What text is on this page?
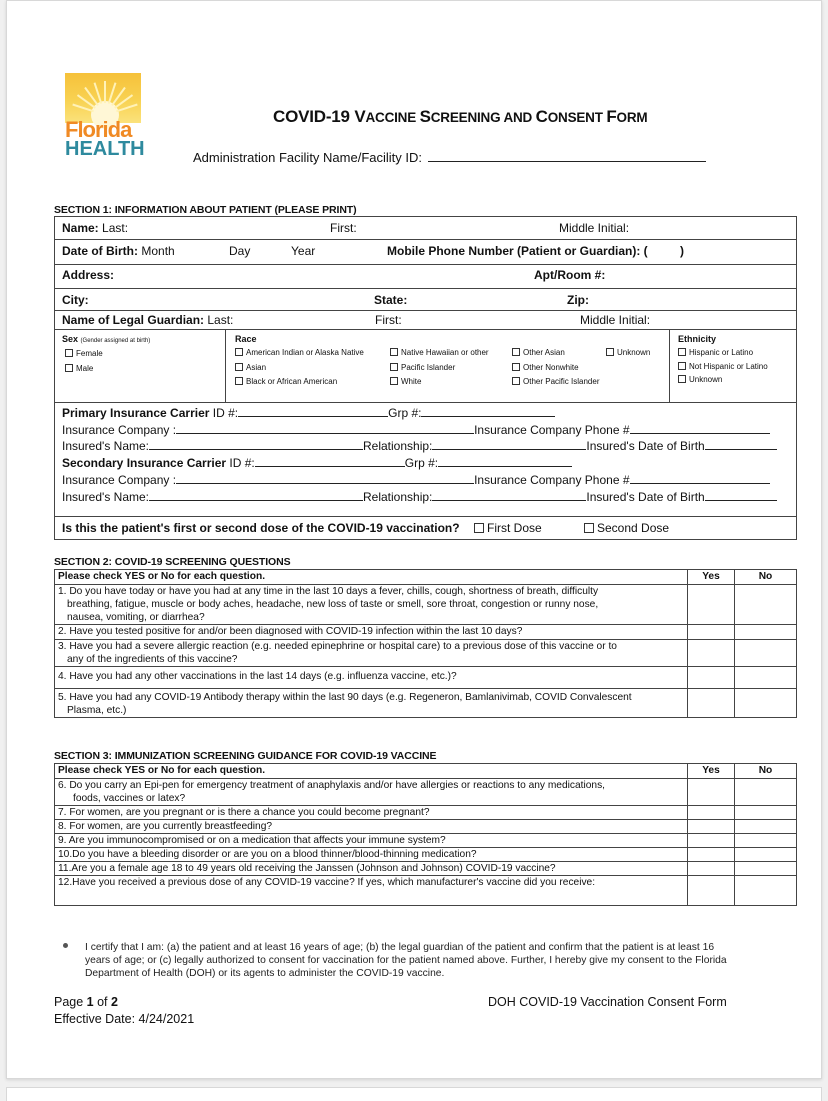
Florida
HEALTH
COVID-19 VACCINE SCREENING AND CONSENT FORM
Administration Facility Name/Facility ID:
SECTION 1: INFORMATION ABOUT PATIENT (PLEASE PRINT)
Name: Last:	First:	Middle Initial:
Date of Birth: Month	Day	Year	Mobile Phone Number (Patient or Guardian): (	)
Address:	Apt/Room #:
City:	State:	Zip:
Name of Legal Guardian: Last:	First:	Middle Initial:
Sex (Gender assigned at birth)
Female
Male
Race
American Indian or Alaska Native
Asian
Black or African American
Native Hawaiian or other
Pacific Islander
White
Other Asian
Other Nonwhite
Other Pacific Islander
Unknown
Ethnicity
Hispanic or Latino
Not Hispanic or Latino
Unknown
Primary Insurance Carrier ID #:	Grp #:
Insurance Company :	Insurance Company Phone #
Insured's Name:	Relationship:	Insured's Date of Birth
Secondary Insurance Carrier ID #:	Grp #:
Insurance Company :	Insurance Company Phone #
Insured's Name:	Relationship:	Insured's Date of Birth
Is this the patient's first or second dose of the COVID-19 vaccination?	First Dose	Second Dose
SECTION 2: COVID-19 SCREENING QUESTIONS
Please check YES or No for each question.	Yes	No

1. Do you have today or have you had at any time in the last 10 days a fever, chills, cough, shortness of breath, difficulty
breathing, fatigue, muscle or body aches, headache, new loss of taste or smell, sore throat, congestion or runny nose,
nausea, vomiting, or diarrhea?		

2. Have you tested positive for and/or been diagnosed with COVID-19 infection within the last 10 days?		

3. Have you had a severe allergic reaction (e.g. needed epinephrine or hospital care) to a previous dose of this vaccine or to
any of the ingredients of this vaccine?		

4. Have you had any other vaccinations in the last 14 days (e.g. influenza vaccine, etc.)?		

5. Have you had any COVID-19 Antibody therapy within the last 90 days (e.g. Regeneron, Bamlanivimab, COVID Convalescent
Plasma, etc.)		

SECTION 3: IMMUNIZATION SCREENING GUIDANCE FOR COVID-19 VACCINE
Please check YES or No for each question.	Yes	No

6. Do you carry an Epi-pen for emergency treatment of anaphylaxis and/or have allergies or reactions to any medications,
foods, vaccines or latex?		

7. For women, are you pregnant or is there a chance you could become pregnant?		

8. For women, are you currently breastfeeding?		

9. Are you immunocompromised or on a medication that affects your immune system?		

10.Do you have a bleeding disorder or are you on a blood thinner/blood-thinning medication?		

11.Are you a female age 18 to 49 years old receiving the Janssen (Johnson and Johnson) COVID-19 vaccine?		

12.Have you received a previous dose of any COVID-19 vaccine? If yes, which manufacturer's vaccine did you receive:		

I certify that I am: (a) the patient and at least 16 years of age; (b) the legal guardian of the patient and confirm that the patient is at least 16
years of age; or (c) legally authorized to consent for vaccination for the patient named above. Further, I hereby give my consent to the Florida
Department of Health (DOH) or its agents to administer the COVID-19 vaccine.
Page 1 of 2
Effective Date: 4/24/2021
DOH COVID-19 Vaccination Consent Form
